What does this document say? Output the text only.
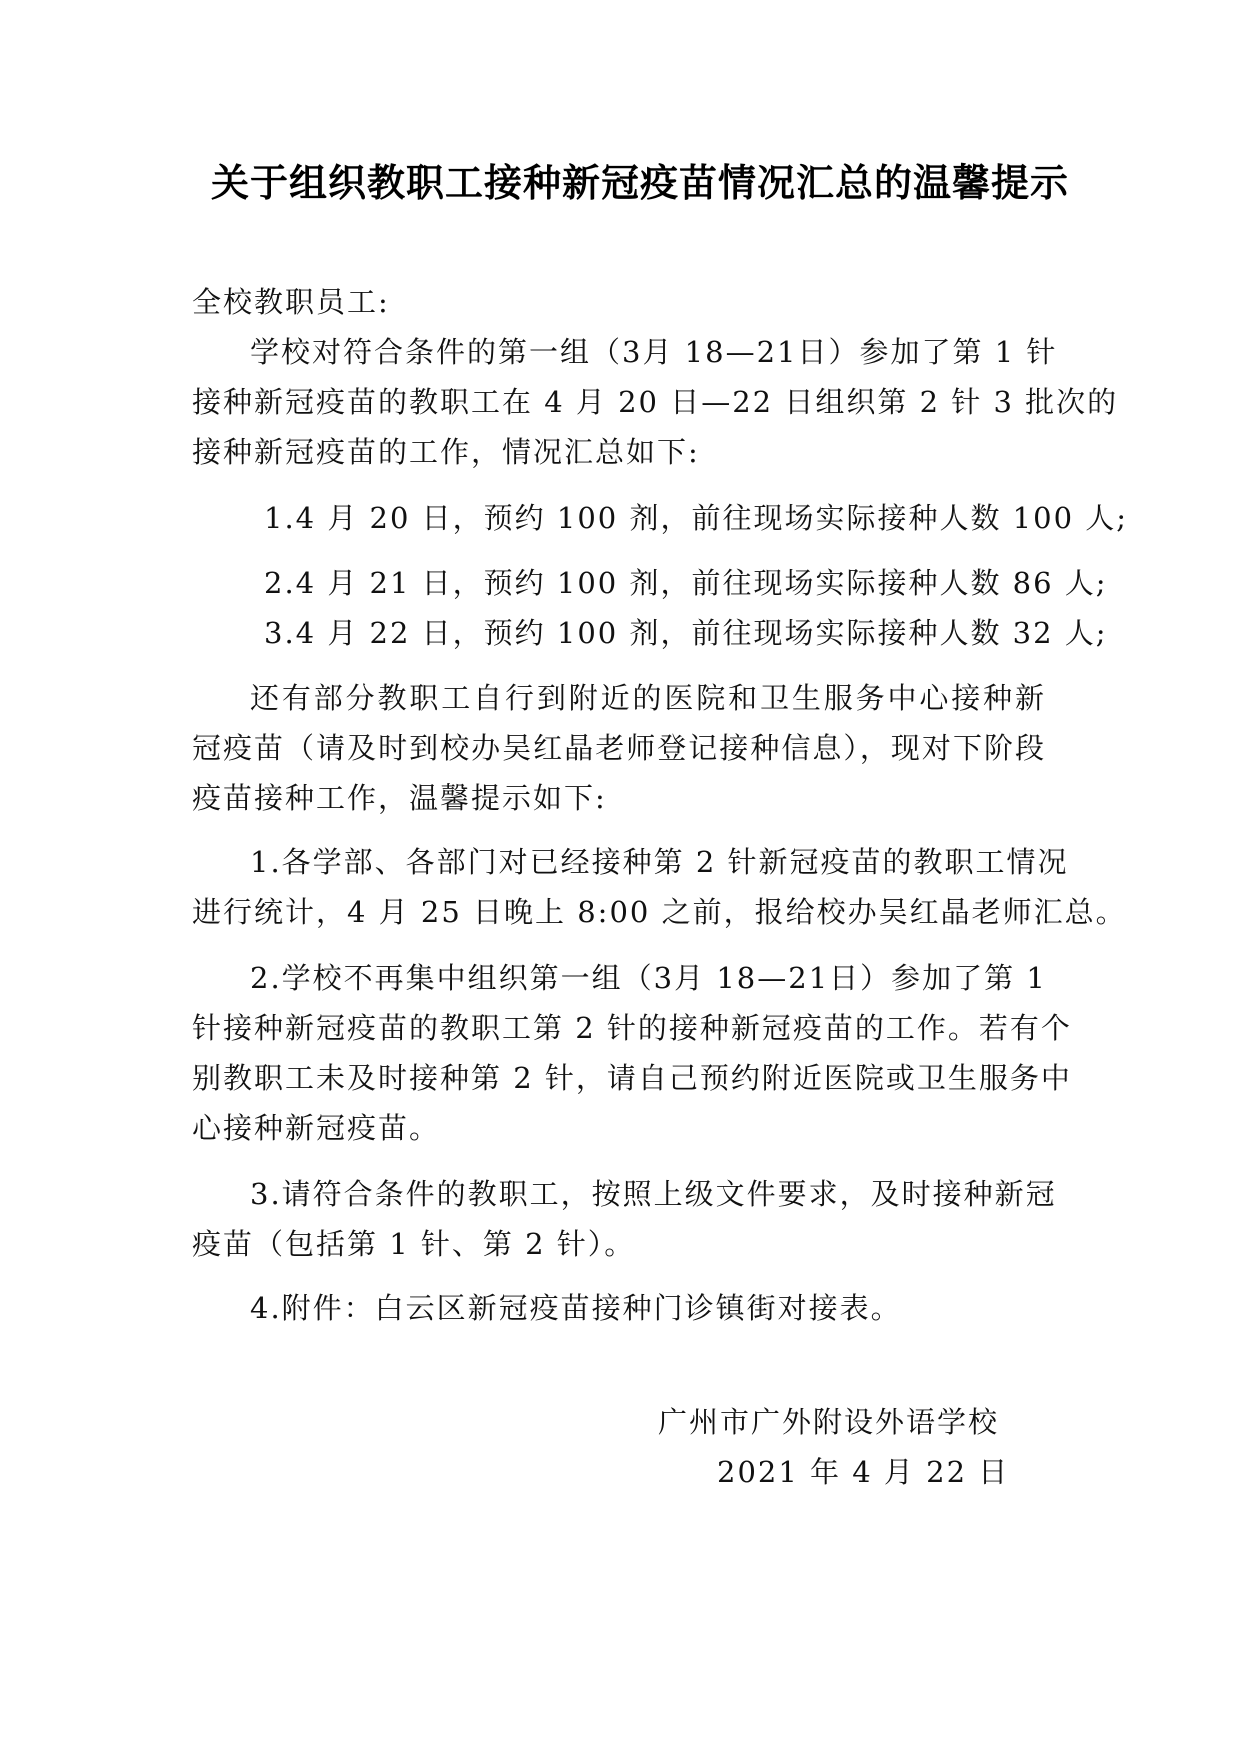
关于组织教职工接种新冠疫苗情况汇总的温馨提示
全校教职员工:
学校对符合条件的第一组（3月 18—21日）参加了第 1 针
接种新冠疫苗的教职工在 4 月 20 日—22 日组织第 2 针 3 批次的
接种新冠疫苗的工作，情况汇总如下:
1.4 月 20 日，预约 100 剂，前往现场实际接种人数 100 人;
2.4 月 21 日，预约 100 剂，前往现场实际接种人数 86 人;
3.4 月 22 日，预约 100 剂，前往现场实际接种人数 32 人;
还有部分教职工自行到附近的医院和卫生服务中心接种新
冠疫苗（请及时到校办吴红晶老师登记接种信息），现对下阶段
疫苗接种工作，温馨提示如下:
1.各学部、各部门对已经接种第 2 针新冠疫苗的教职工情况
进行统计，4 月 25 日晚上 8:00 之前，报给校办吴红晶老师汇总。
2.学校不再集中组织第一组（3月 18—21日）参加了第 1
针接种新冠疫苗的教职工第 2 针的接种新冠疫苗的工作。若有个
别教职工未及时接种第 2 针，请自己预约附近医院或卫生服务中
心接种新冠疫苗。
3.请符合条件的教职工，按照上级文件要求，及时接种新冠
疫苗（包括第 1 针、第 2 针）。
4.附件：白云区新冠疫苗接种门诊镇街对接表。
广州市广外附设外语学校
2021 年 4 月 22 日
